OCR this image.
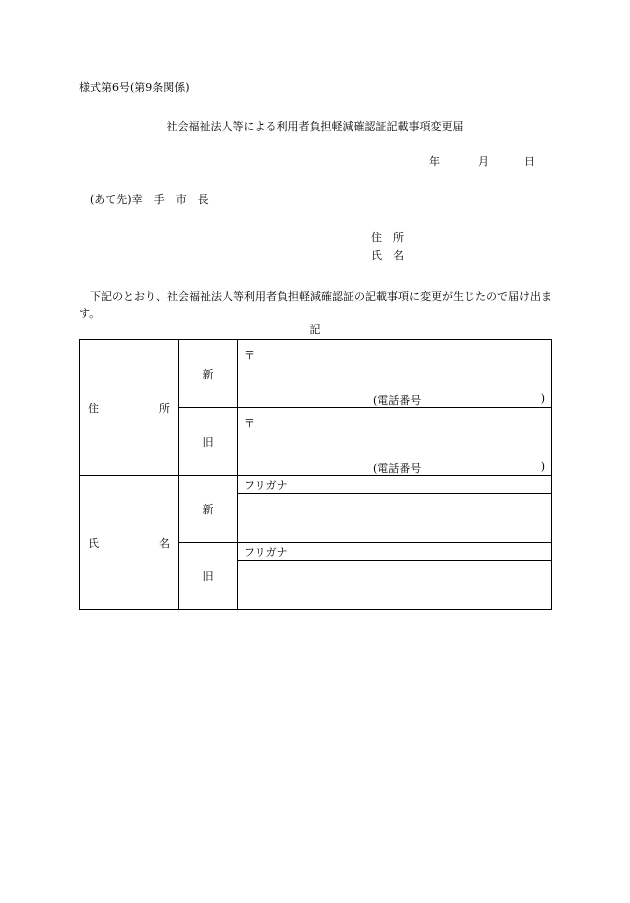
様式第6号(第9条関係)
社会福祉法人等による利用者負担軽減確認証記載事項変更届
年	月	日
(あて先)幸　手　市　長
住　所
氏　名
　下記のとおり、社会福祉法人等利用者負担軽減確認証の記載事項に変更が生じたので届け出ます。
記
住 所	新	〒
(電話番号 )

	旧	〒
(電話番号 )

氏 名	新	フリガナ

	旧	フリガナ
